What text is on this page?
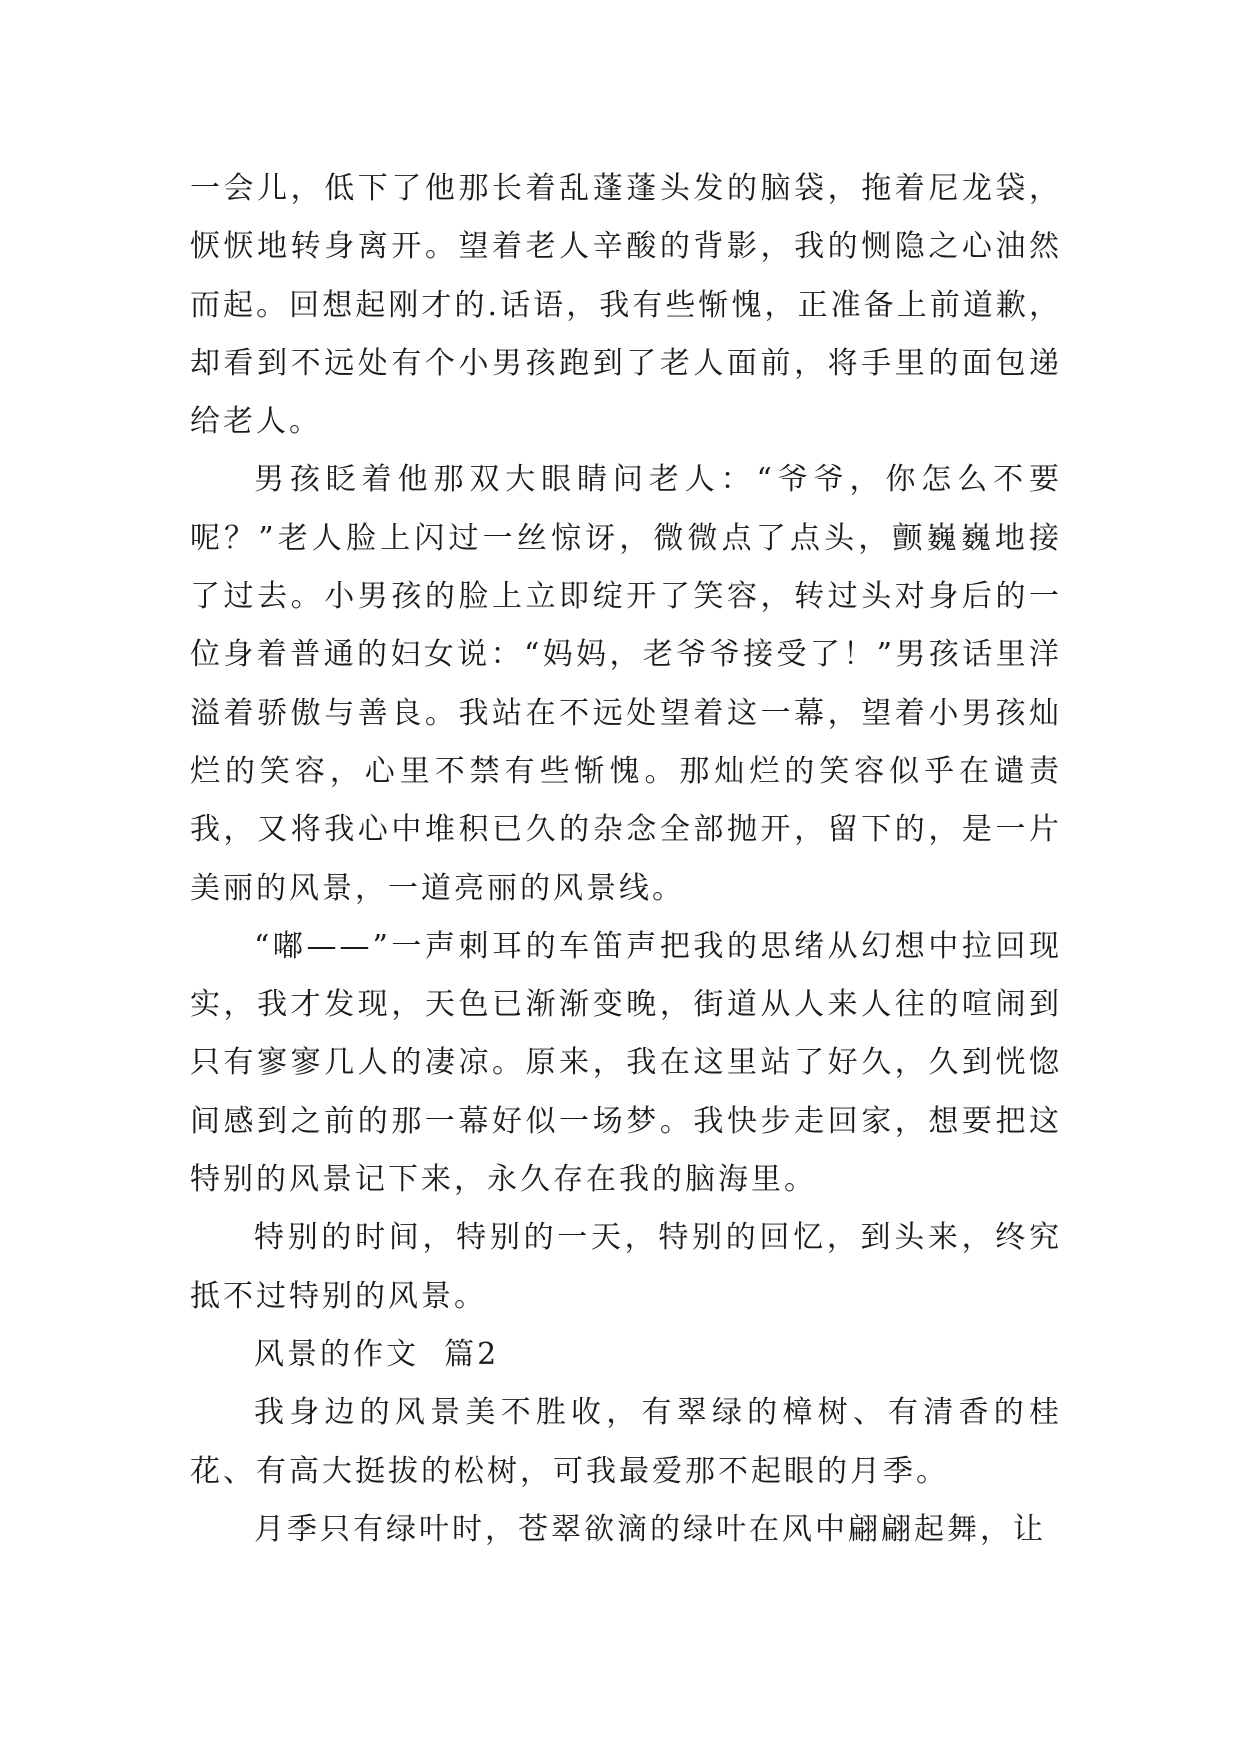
一会儿，低下了他那长着乱蓬蓬头发的脑袋，拖着尼龙袋，恹恹地转身离开。望着老人辛酸的背影，我的恻隐之心油然而起。回想起刚才的.话语，我有些惭愧，正准备上前道歉，却看到不远处有个小男孩跑到了老人面前，将手里的面包递给老人。

男孩眨着他那双大眼睛问老人：“爷爷，你怎么不要呢？”老人脸上闪过一丝惊讶，微微点了点头，颤巍巍地接了过去。小男孩的脸上立即绽开了笑容，转过头对身后的一位身着普通的妇女说：“妈妈，老爷爷接受了！”男孩话里洋溢着骄傲与善良。我站在不远处望着这一幕，望着小男孩灿烂的笑容，心里不禁有些惭愧。那灿烂的笑容似乎在谴责我，又将我心中堆积已久的杂念全部抛开，留下的，是一片美丽的风景，一道亮丽的风景线。

“嘟——”一声刺耳的车笛声把我的思绪从幻想中拉回现实，我才发现，天色已渐渐变晚，街道从人来人往的喧闹到只有寥寥几人的凄凉。原来，我在这里站了好久，久到恍惚间感到之前的那一幕好似一场梦。我快步走回家，想要把这特别的风景记下来，永久存在我的脑海里。

特别的时间，特别的一天，特别的回忆，到头来，终究抵不过特别的风景。

风景的作文  篇2

我身边的风景美不胜收，有翠绿的樟树、有清香的桂花、有高大挺拔的松树，可我最爱那不起眼的月季。

月季只有绿叶时，苍翠欲滴的绿叶在风中翩翩起舞，让
